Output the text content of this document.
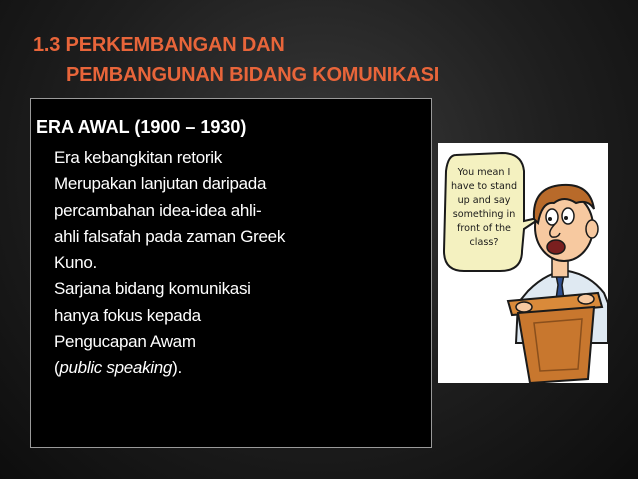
1.3 PERKEMBANGAN DAN
PEMBANGUNAN BIDANG KOMUNIKASI
ERA AWAL (1900 – 1930)
Era kebangkitan retorik
Merupakan lanjutan daripada
percambahan idea-idea ahli-
ahli falsafah pada zaman Greek
Kuno.
Sarjana bidang komunikasi
hanya fokus kepada
Pengucapan Awam
(public speaking).
You mean I
have to stand
up and say
something in
front of the
class?
